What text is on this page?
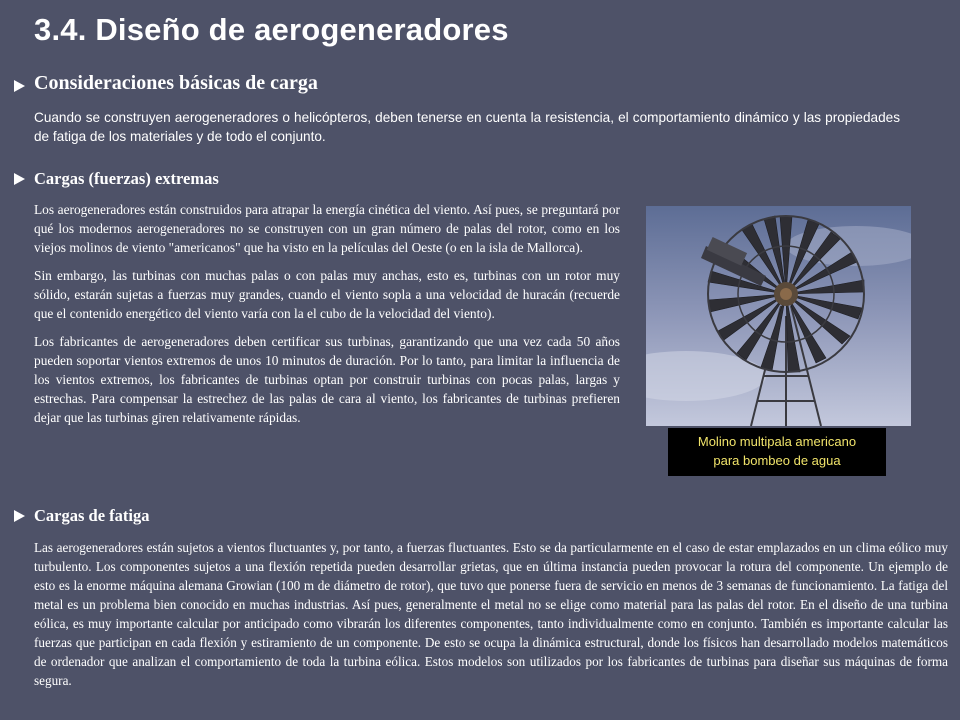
3.4. Diseño de aerogeneradores
Consideraciones básicas de carga

Cuando se construyen aerogeneradores o helicópteros, deben tenerse en cuenta la resistencia, el comportamiento dinámico y las propiedades de fatiga de los materiales y de todo el conjunto.

Cargas (fuerzas) extremas

Los aerogeneradores están construidos para atrapar la energía cinética del viento. Así pues, se preguntará por qué los modernos aerogeneradores no se construyen con un gran número de palas del rotor, como en los viejos molinos de viento "americanos" que ha visto en la películas del Oeste (o en la isla de Mallorca).

Sin embargo, las turbinas con muchas palas o con palas muy anchas, esto es, turbinas con un rotor muy sólido, estarán sujetas a fuerzas muy grandes, cuando el viento sopla a una velocidad de huracán (recuerde que el contenido energético del viento varía con la el cubo de la velocidad del viento).

Los fabricantes de aerogeneradores deben certificar sus turbinas, garantizando que una vez cada 50 años pueden soportar vientos extremos de unos 10 minutos de duración. Por lo tanto, para limitar la influencia de los vientos extremos, los fabricantes de turbinas optan por construir turbinas con pocas palas, largas y estrechas. Para compensar la estrechez de las palas de cara al viento, los fabricantes de turbinas prefieren dejar que las turbinas giren relativamente rápidas.

Molino multipala americano
para bombeo de agua
Cargas de fatiga

Las aerogeneradores están sujetos a vientos fluctuantes y, por tanto, a fuerzas fluctuantes. Esto se da particularmente en el caso de estar emplazados en un clima eólico muy turbulento. Los componentes sujetos a una flexión repetida pueden desarrollar grietas, que en última instancia pueden provocar la rotura del componente. Un ejemplo de esto es la enorme máquina alemana Growian (100 m de diámetro de rotor), que tuvo que ponerse fuera de servicio en menos de 3 semanas de funcionamiento. La fatiga del metal es un problema bien conocido en muchas industrias. Así pues, generalmente el metal no se elige como material para las palas del rotor. En el diseño de una turbina eólica, es muy importante calcular por anticipado como vibrarán los diferentes componentes, tanto individualmente como en conjunto. También es importante calcular las fuerzas que participan en cada flexión y estiramiento de un componente. De esto se ocupa la dinámica estructural, donde los físicos han desarrollado modelos matemáticos de ordenador que analizan el comportamiento de toda la turbina eólica. Estos modelos son utilizados por los fabricantes de turbinas para diseñar sus máquinas de forma segura.
